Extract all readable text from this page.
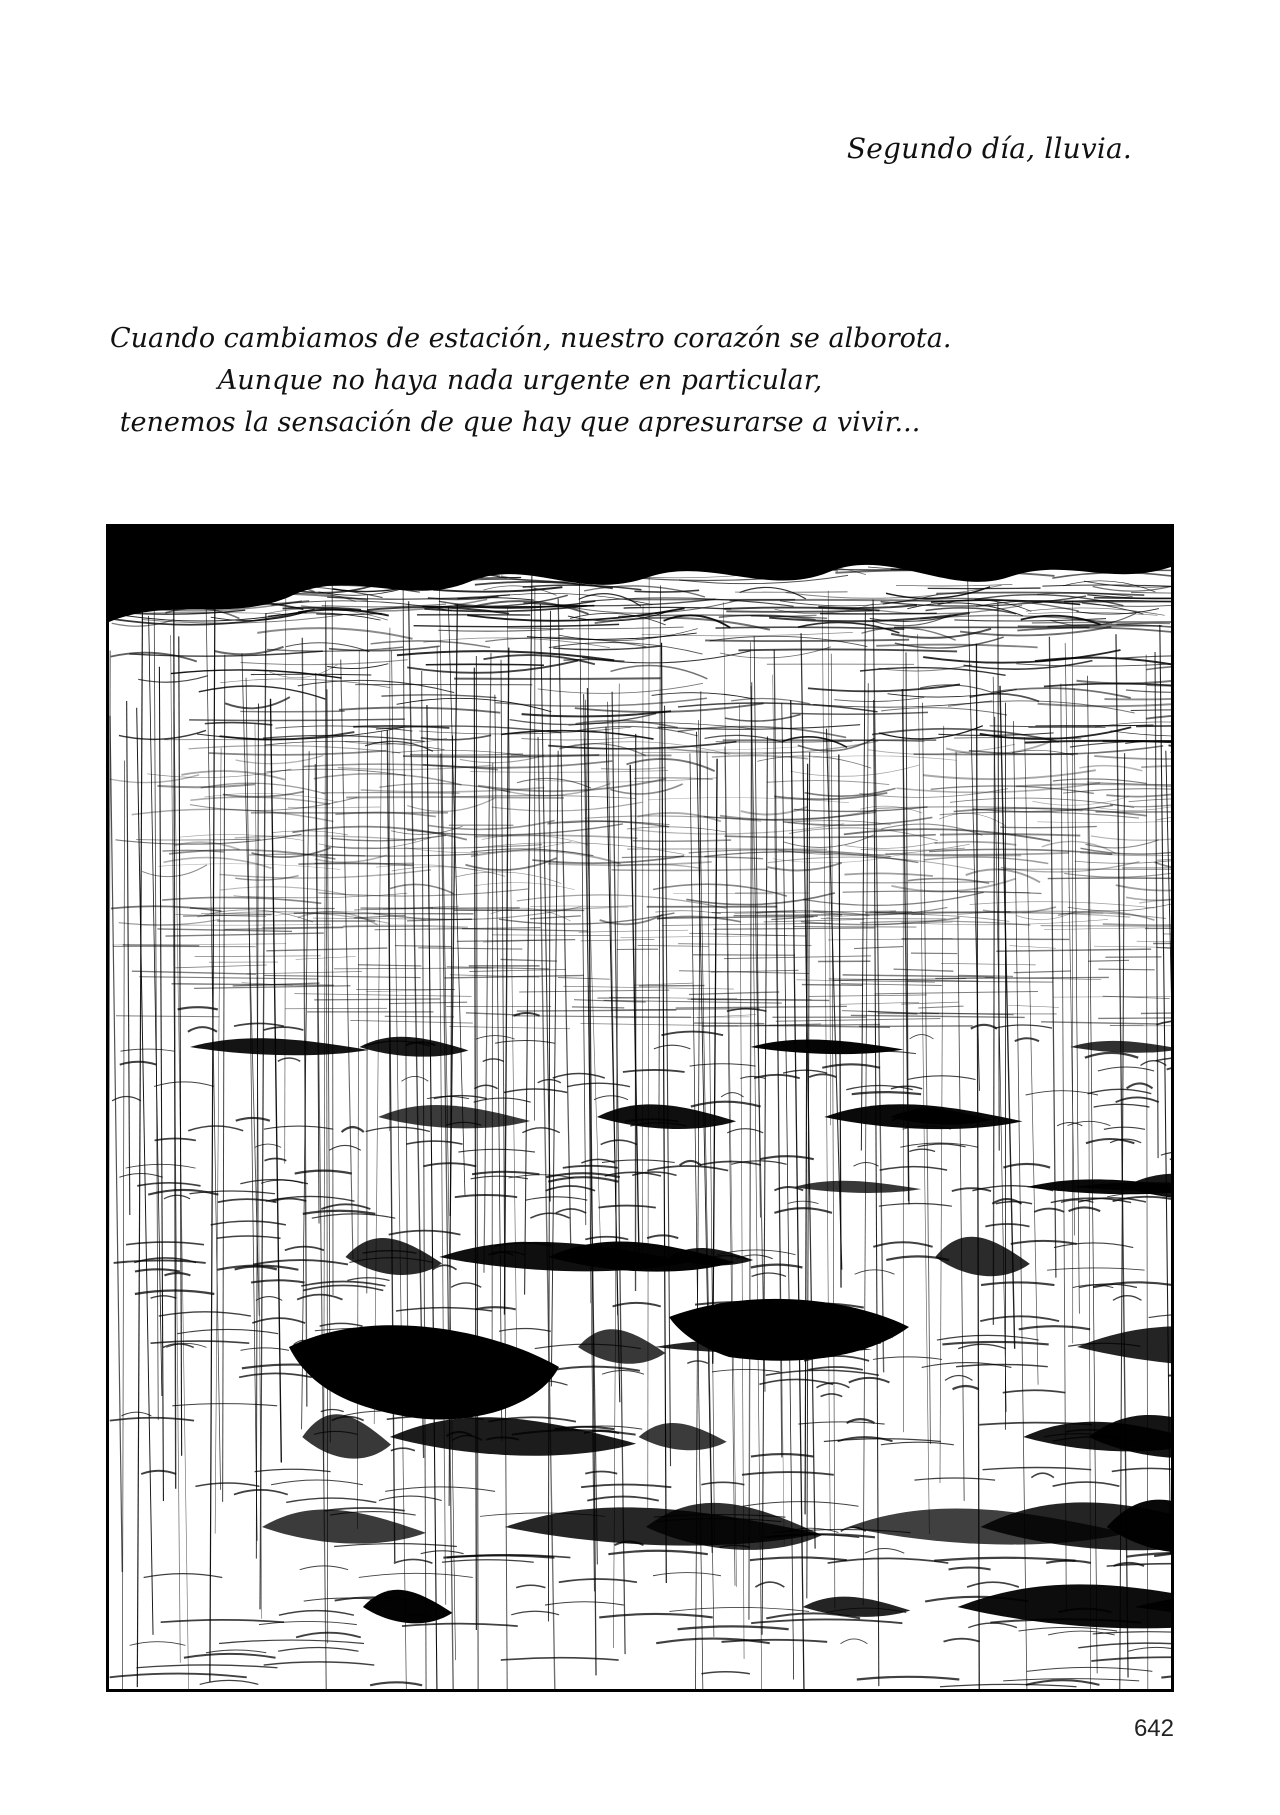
Segundo día, lluvia.
Cuando cambiamos de estación, nuestro corazón se alborota.
Aunque no haya nada urgente en particular,
tenemos la sensación de que hay que apresurarse a vivir...
642
